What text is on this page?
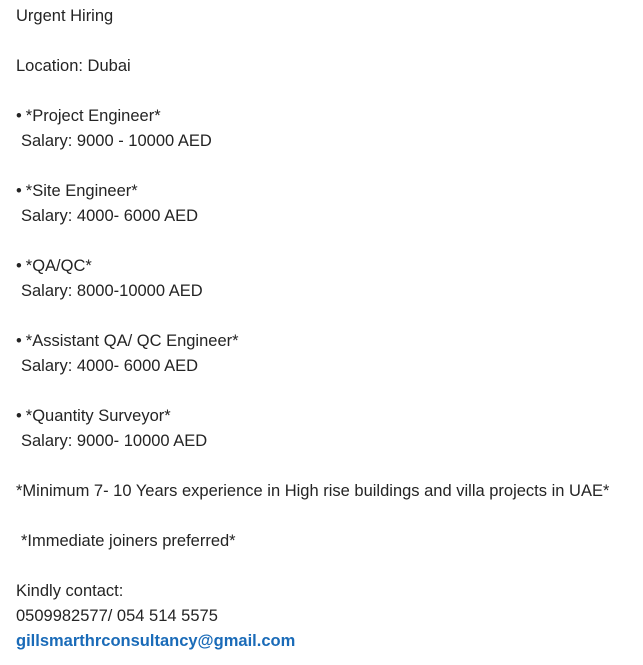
Urgent Hiring
Location: Dubai
• *Project Engineer*
Salary: 9000 - 10000 AED
• *Site Engineer*
Salary: 4000- 6000 AED
• *QA/QC*
Salary: 8000-10000 AED
• *Assistant QA/ QC Engineer*
Salary: 4000- 6000 AED
• *Quantity Surveyor*
Salary: 9000- 10000 AED
*Minimum 7- 10 Years experience in High rise buildings and villa projects in UAE*
*Immediate joiners preferred*
Kindly contact:
0509982577/ 054 514 5575
gillsmarthrconsultancy@gmail.com
